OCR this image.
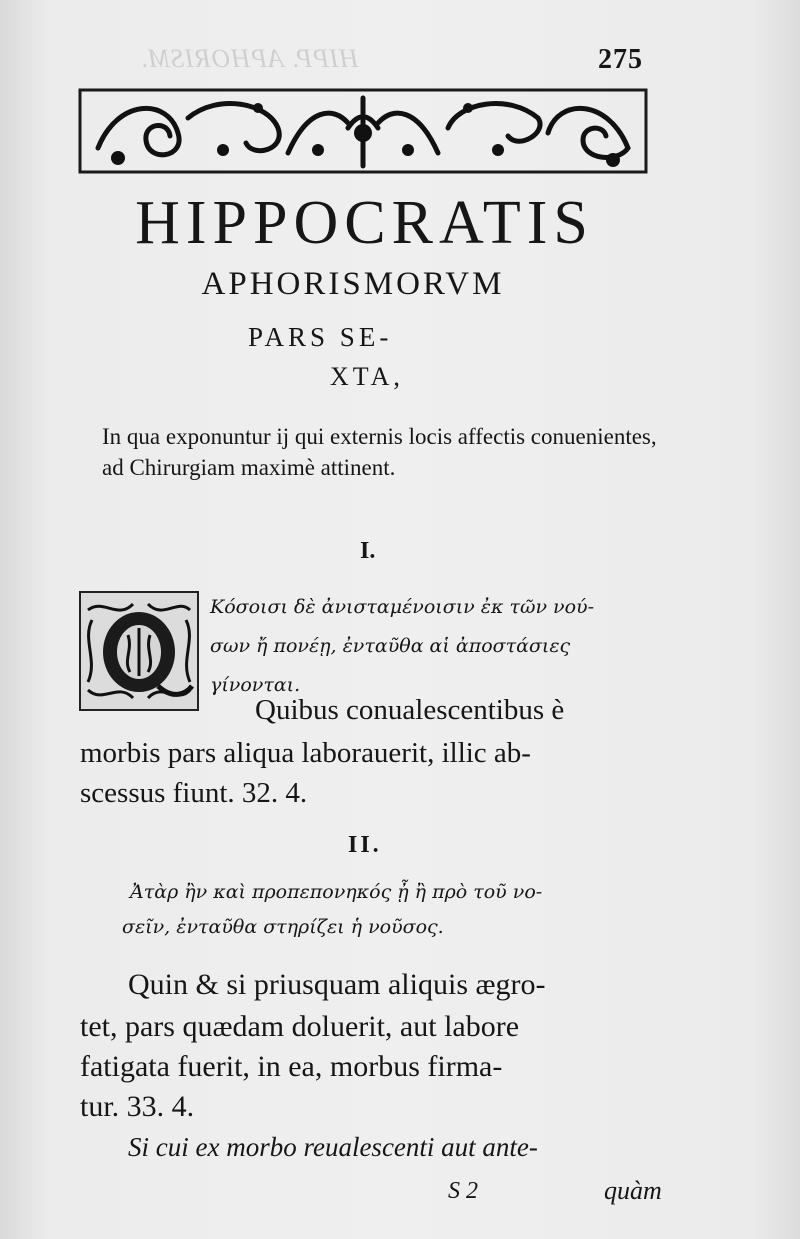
HIPP. APHORISM.	275
HIPPOCRATIS
APHORISMORVM
PARS SE-
XTA,
In qua exponuntur ij qui externis locis affectis conuenientes, ad Chirurgiam maximè attinent.
I.
Κόσοισι δὲ ἀνισταμένοισιν ἐκ τῶν νού-
σων ἤ πονέῃ, ἐνταῦθα αἱ ἀποστάσιες
γίνονται.
Quibus conualescentibus è
morbis pars aliqua laborauerit, illic ab-
scessus fiunt. 32. 4.
II.
Ἀτὰρ ἢν καὶ προπεπονηκός ᾖ ἢ πρὸ τοῦ νο-
σεῖν, ἐνταῦθα στηρίζει ἡ νοῦσος.
Quin & si priusquam aliquis ægro-
tet, pars quædam doluerit, aut labore
fatigata fuerit, in ea, morbus firma-
tur. 33. 4.
Si cui ex morbo reualescenti aut ante-
S 2	quàm
